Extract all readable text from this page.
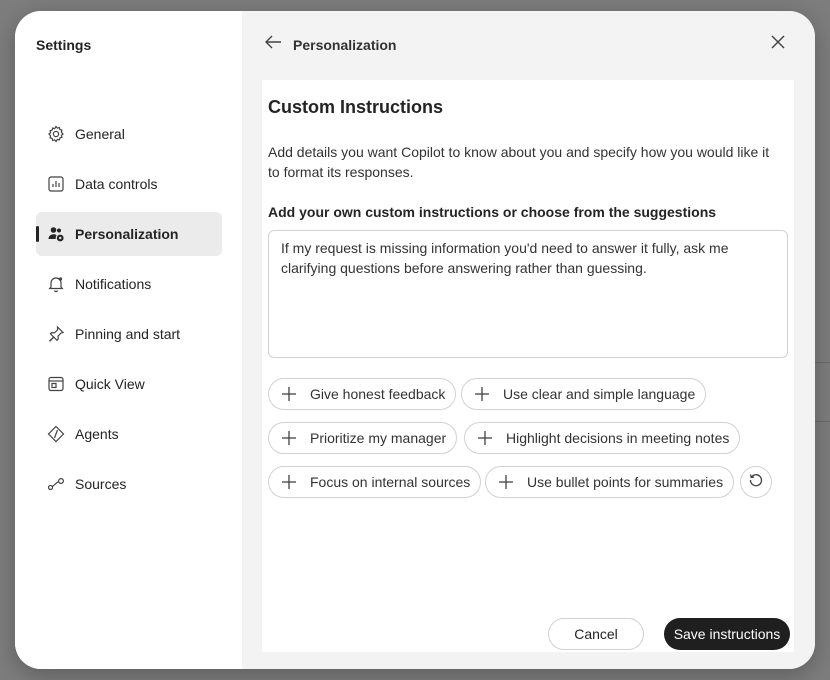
Settings
General
Data controls
Personalization
Notifications
Pinning and start
Quick View
Agents
Sources
Personalization
Custom Instructions
Add details you want Copilot to know about you and specify how you would like it to format its responses.
Add your own custom instructions or choose from the suggestions
If my request is missing information you'd need to answer it fully, ask me clarifying questions before answering rather than guessing.
Give honest feedback	Use clear and simple language
Prioritize my manager	Highlight decisions in meeting notes
Focus on internal sources	Use bullet points for summaries
Cancel	Save instructions
